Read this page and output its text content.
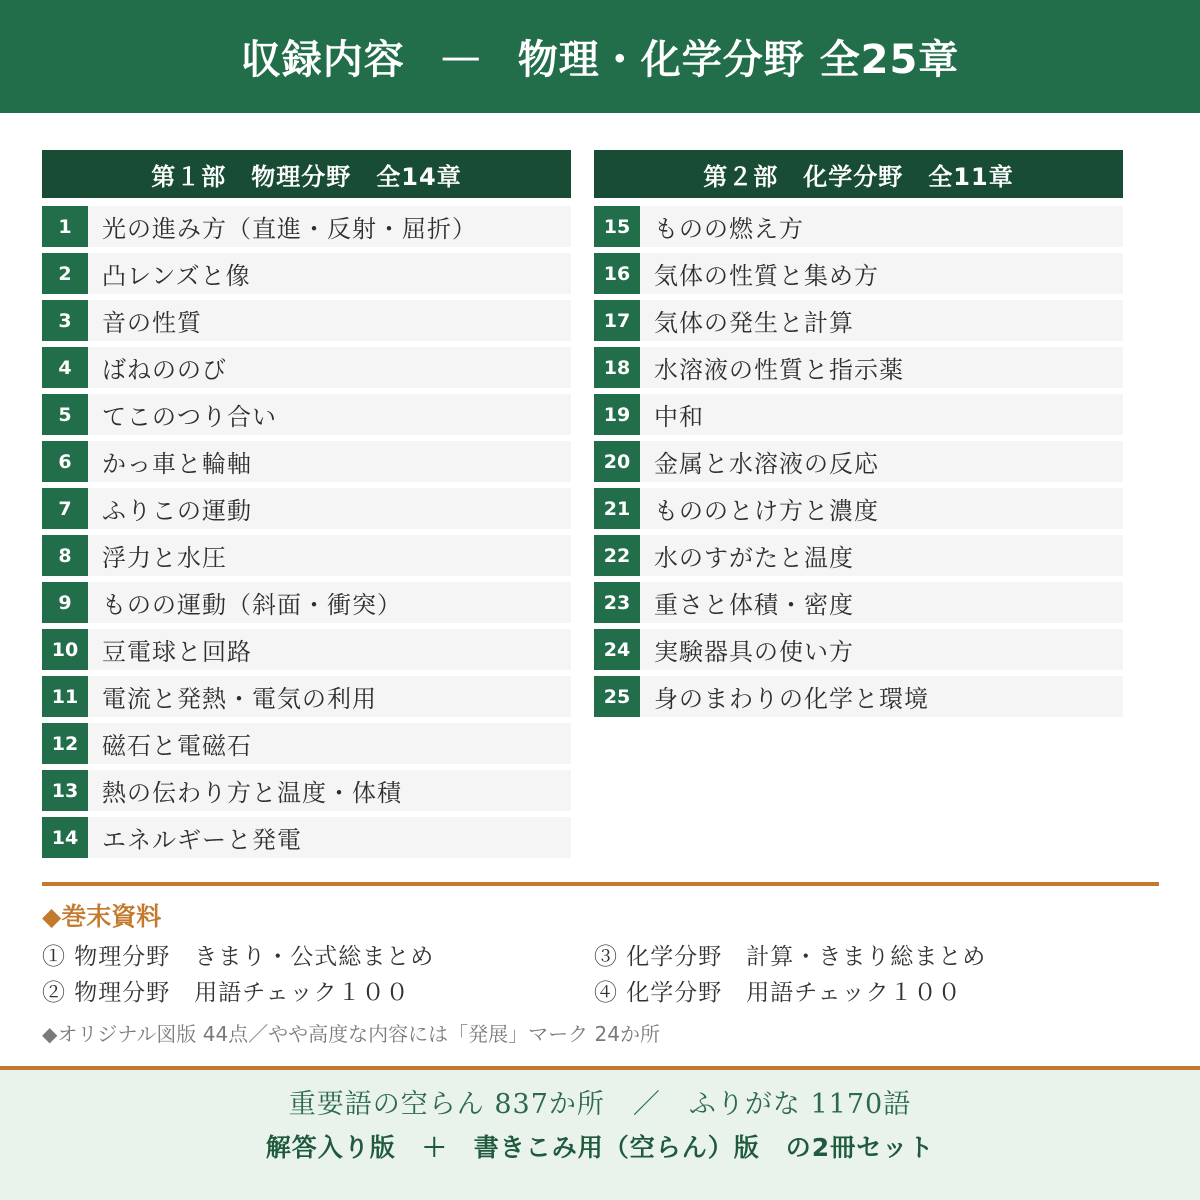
収録内容 — 物理・化学分野 全25章
第１部　物理分野　全14章
1	光の進み方（直進・反射・屈折）
2	凸レンズと像
3	音の性質
4	ばねののび
5	てこのつり合い
6	かっ車と輪軸
7	ふりこの運動
8	浮力と水圧
9	ものの運動（斜面・衝突）
10 豆電球と回路
11 電流と発熱・電気の利用
12 磁石と電磁石
13 熱の伝わり方と温度・体積
14 エネルギーと発電
第２部　化学分野　全11章
15 ものの燃え方
16 気体の性質と集め方
17 気体の発生と計算
18 水溶液の性質と指示薬
19 中和
20 金属と水溶液の反応
21 もののとけ方と濃度
22 水のすがたと温度
23 重さと体積・密度
24 実験器具の使い方
25 身のまわりの化学と環境
◆巻末資料
① 物理分野　きまり・公式総まとめ	③ 化学分野　計算・きまり総まとめ
② 物理分野　用語チェック１００	④ 化学分野　用語チェック１００
◆オリジナル図版 44点／やや高度な内容には「発展」マーク 24か所
重要語の空らん 837か所　／　ふりがな 1170語
解答入り版　＋　書きこみ用（空らん）版　の2冊セット
